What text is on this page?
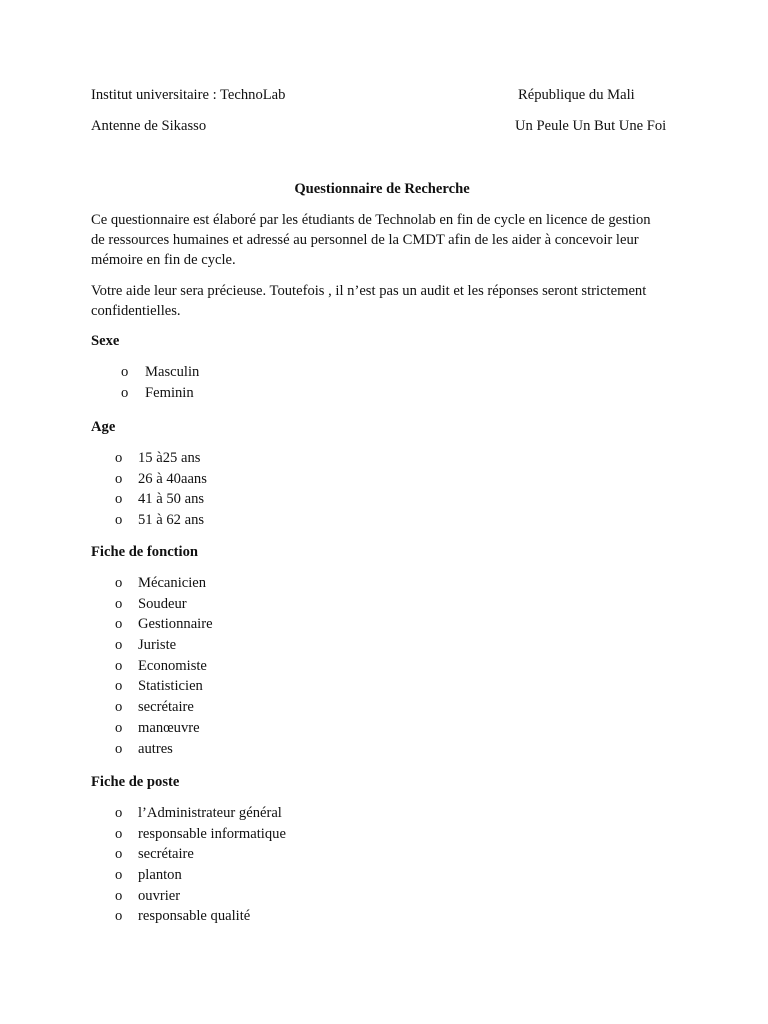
Institut universitaire : TechnoLab
Antenne de Sikasso
République du Mali
Un Peule Un But Une Foi
Questionnaire de Recherche
Ce questionnaire est élaboré par les étudiants de Technolab en fin de cycle en licence de gestion de ressources humaines et adressé au personnel de la CMDT afin de les aider à concevoir leur mémoire en fin de cycle.
Votre aide leur sera précieuse. Toutefois , il n’est pas un audit et les réponses seront strictement confidentielles.
Sexe
o Masculin
o Feminin
Age
o 15 à25 ans
o 26 à 40aans
o 41 à 50 ans
o 51 à 62 ans
Fiche de fonction
o Mécanicien
o Soudeur
o Gestionnaire
o Juriste
o Economiste
o Statisticien
o secrétaire
o manœuvre
o autres
Fiche de poste
o l’Administrateur général
o responsable informatique
o secrétaire
o planton
o ouvrier
o responsable qualité
